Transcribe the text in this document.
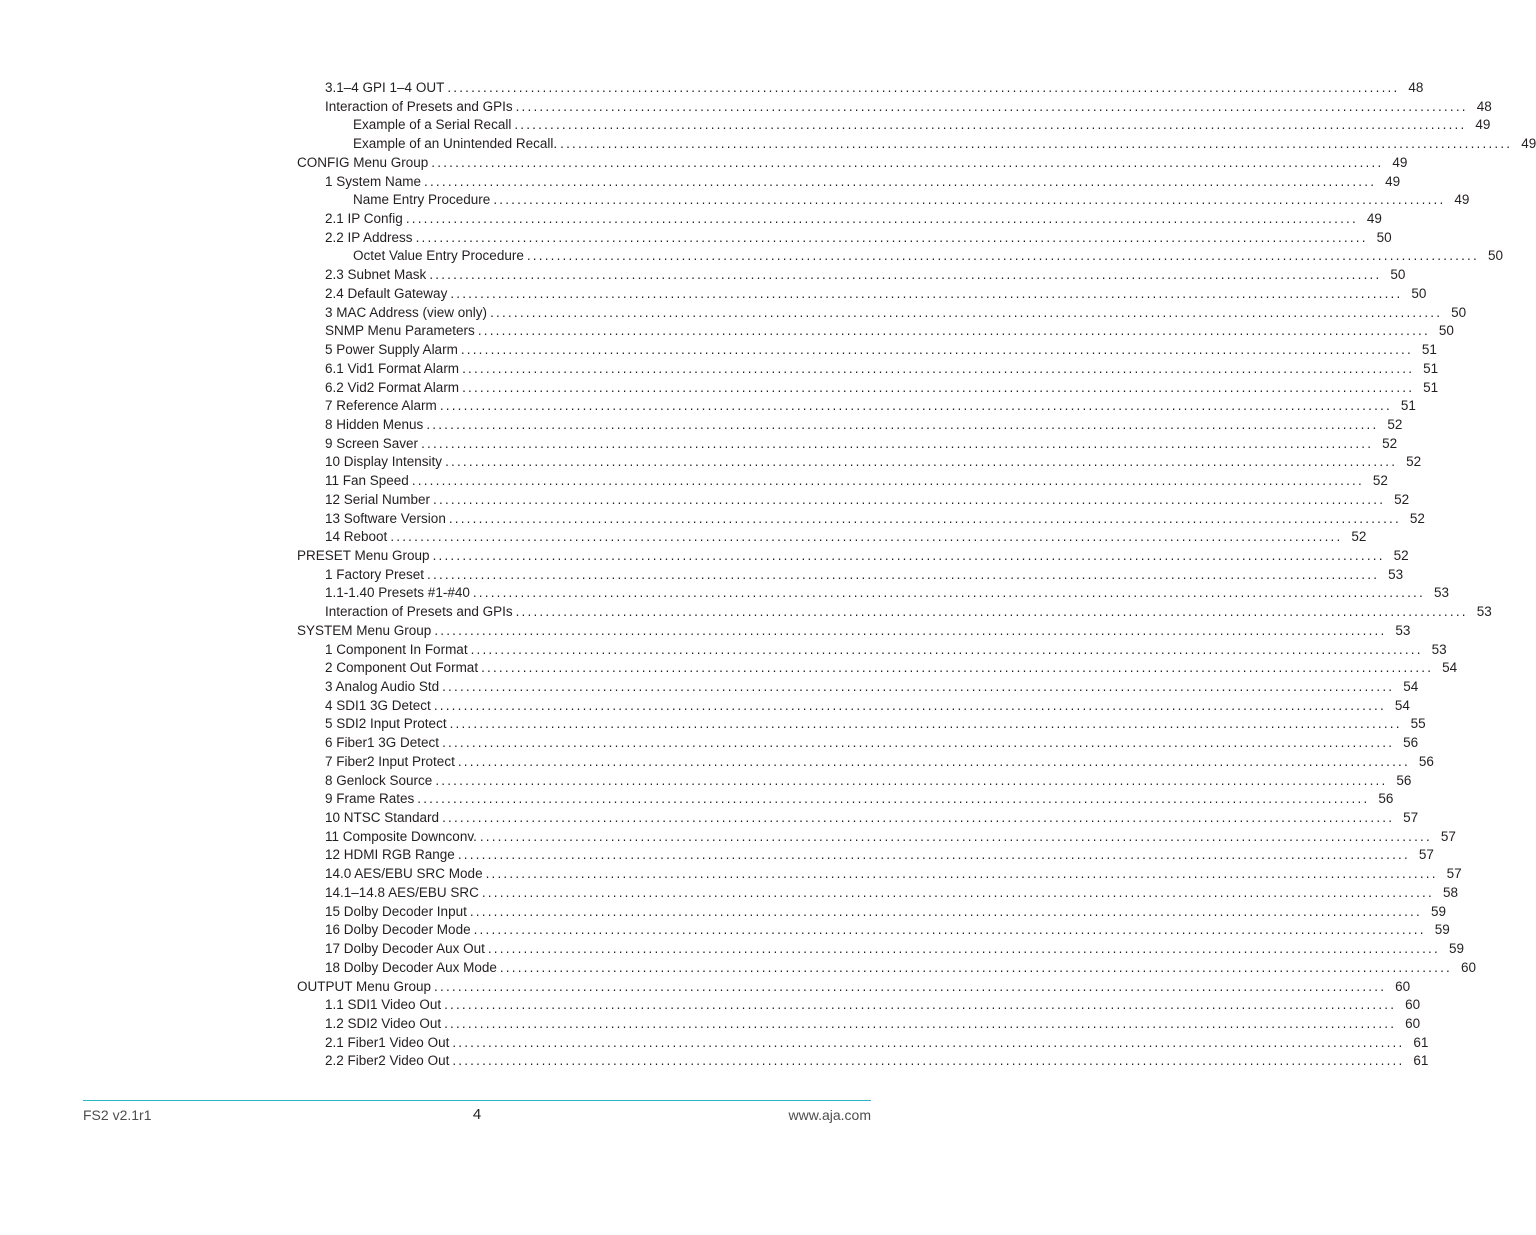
3.1–4 GPI 1–4 OUT ................................................................................................................................................................ 48
Interaction of Presets and GPIs ................................................................................................................................................................ 48
Example of a Serial Recall ................................................................................................................................................................ 49
Example of an Unintended Recall. ................................................................................................................................................................ 49
CONFIG Menu Group ................................................................................................................................................................ 49
1 System Name ................................................................................................................................................................ 49
Name Entry Procedure ................................................................................................................................................................ 49
2.1 IP Config ................................................................................................................................................................ 49
2.2 IP Address ................................................................................................................................................................ 50
Octet Value Entry Procedure ................................................................................................................................................................ 50
2.3 Subnet Mask ................................................................................................................................................................ 50
2.4 Default Gateway ................................................................................................................................................................ 50
3 MAC Address (view only) ................................................................................................................................................................ 50
SNMP Menu Parameters ................................................................................................................................................................ 50
5 Power Supply Alarm ................................................................................................................................................................ 51
6.1 Vid1 Format Alarm ................................................................................................................................................................ 51
6.2 Vid2 Format Alarm ................................................................................................................................................................ 51
7 Reference Alarm ................................................................................................................................................................ 51
8 Hidden Menus ................................................................................................................................................................ 52
9 Screen Saver ................................................................................................................................................................ 52
10 Display Intensity ................................................................................................................................................................ 52
11 Fan Speed ................................................................................................................................................................ 52
12 Serial Number ................................................................................................................................................................ 52
13 Software Version ................................................................................................................................................................ 52
14 Reboot ................................................................................................................................................................ 52
PRESET Menu Group ................................................................................................................................................................ 52
1 Factory Preset ................................................................................................................................................................ 53
1.1-1.40 Presets #1-#40 ................................................................................................................................................................ 53
Interaction of Presets and GPIs ................................................................................................................................................................ 53
SYSTEM Menu Group ................................................................................................................................................................ 53
1 Component In Format ................................................................................................................................................................ 53
2 Component Out Format ................................................................................................................................................................ 54
3 Analog Audio Std ................................................................................................................................................................ 54
4 SDI1 3G Detect ................................................................................................................................................................ 54
5 SDI2 Input Protect ................................................................................................................................................................ 55
6 Fiber1 3G Detect ................................................................................................................................................................ 56
7 Fiber2 Input Protect ................................................................................................................................................................ 56
8 Genlock Source ................................................................................................................................................................ 56
9 Frame Rates ................................................................................................................................................................ 56
10 NTSC Standard ................................................................................................................................................................ 57
11 Composite Downconv. ................................................................................................................................................................ 57
12 HDMI RGB Range ................................................................................................................................................................ 57
14.0 AES/EBU SRC Mode ................................................................................................................................................................ 57
14.1–14.8 AES/EBU SRC ................................................................................................................................................................ 58
15 Dolby Decoder Input ................................................................................................................................................................ 59
16 Dolby Decoder Mode ................................................................................................................................................................ 59
17 Dolby Decoder Aux Out ................................................................................................................................................................ 59
18 Dolby Decoder Aux Mode ................................................................................................................................................................ 60
OUTPUT Menu Group ................................................................................................................................................................ 60
1.1 SDI1 Video Out ................................................................................................................................................................ 60
1.2 SDI2 Video Out ................................................................................................................................................................ 60
2.1 Fiber1 Video Out ................................................................................................................................................................ 61
2.2 Fiber2 Video Out ................................................................................................................................................................ 61
FS2 v2.1r1	4	www.aja.com
